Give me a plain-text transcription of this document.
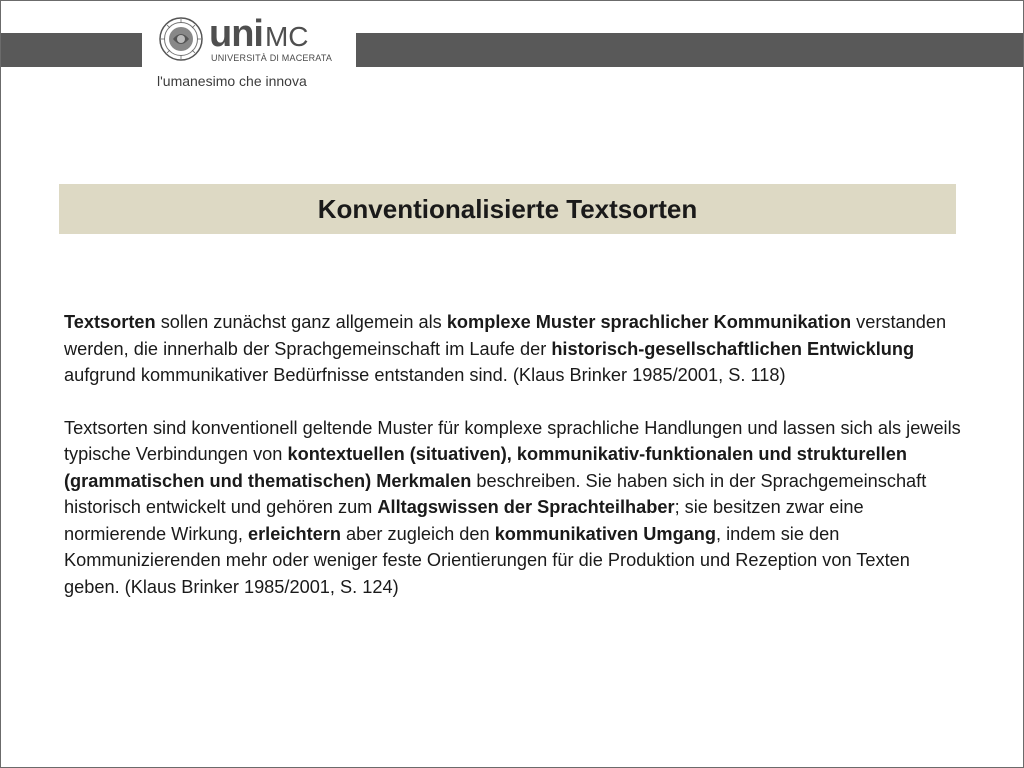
uni MC
UNIVERSITÀ DI MACERATA
l'umanesimo che innova
Konventionalisierte Textsorten

Textsorten sollen zunächst ganz allgemein als komplexe Muster sprachlicher Kommunikation verstanden werden, die innerhalb der Sprachgemeinschaft im Laufe der historisch-gesellschaftlichen Entwicklung aufgrund kommunikativer Bedürfnisse entstanden sind. (Klaus Brinker 1985/2001, S. 118)

Textsorten sind konventionell geltende Muster für komplexe sprachliche Handlungen und lassen sich als jeweils typische Verbindungen von kontextuellen (situativen), kommunikativ-funktionalen und strukturellen (grammatischen und thematischen) Merkmalen beschreiben. Sie haben sich in der Sprachgemeinschaft historisch entwickelt und gehören zum Alltagswissen der Sprachteilhaber; sie besitzen zwar eine normierende Wirkung, erleichtern aber zugleich den kommunikativen Umgang, indem sie den Kommunizierenden mehr oder weniger feste Orientierungen für die Produktion und Rezeption von Texten geben. (Klaus Brinker 1985/2001, S. 124)
